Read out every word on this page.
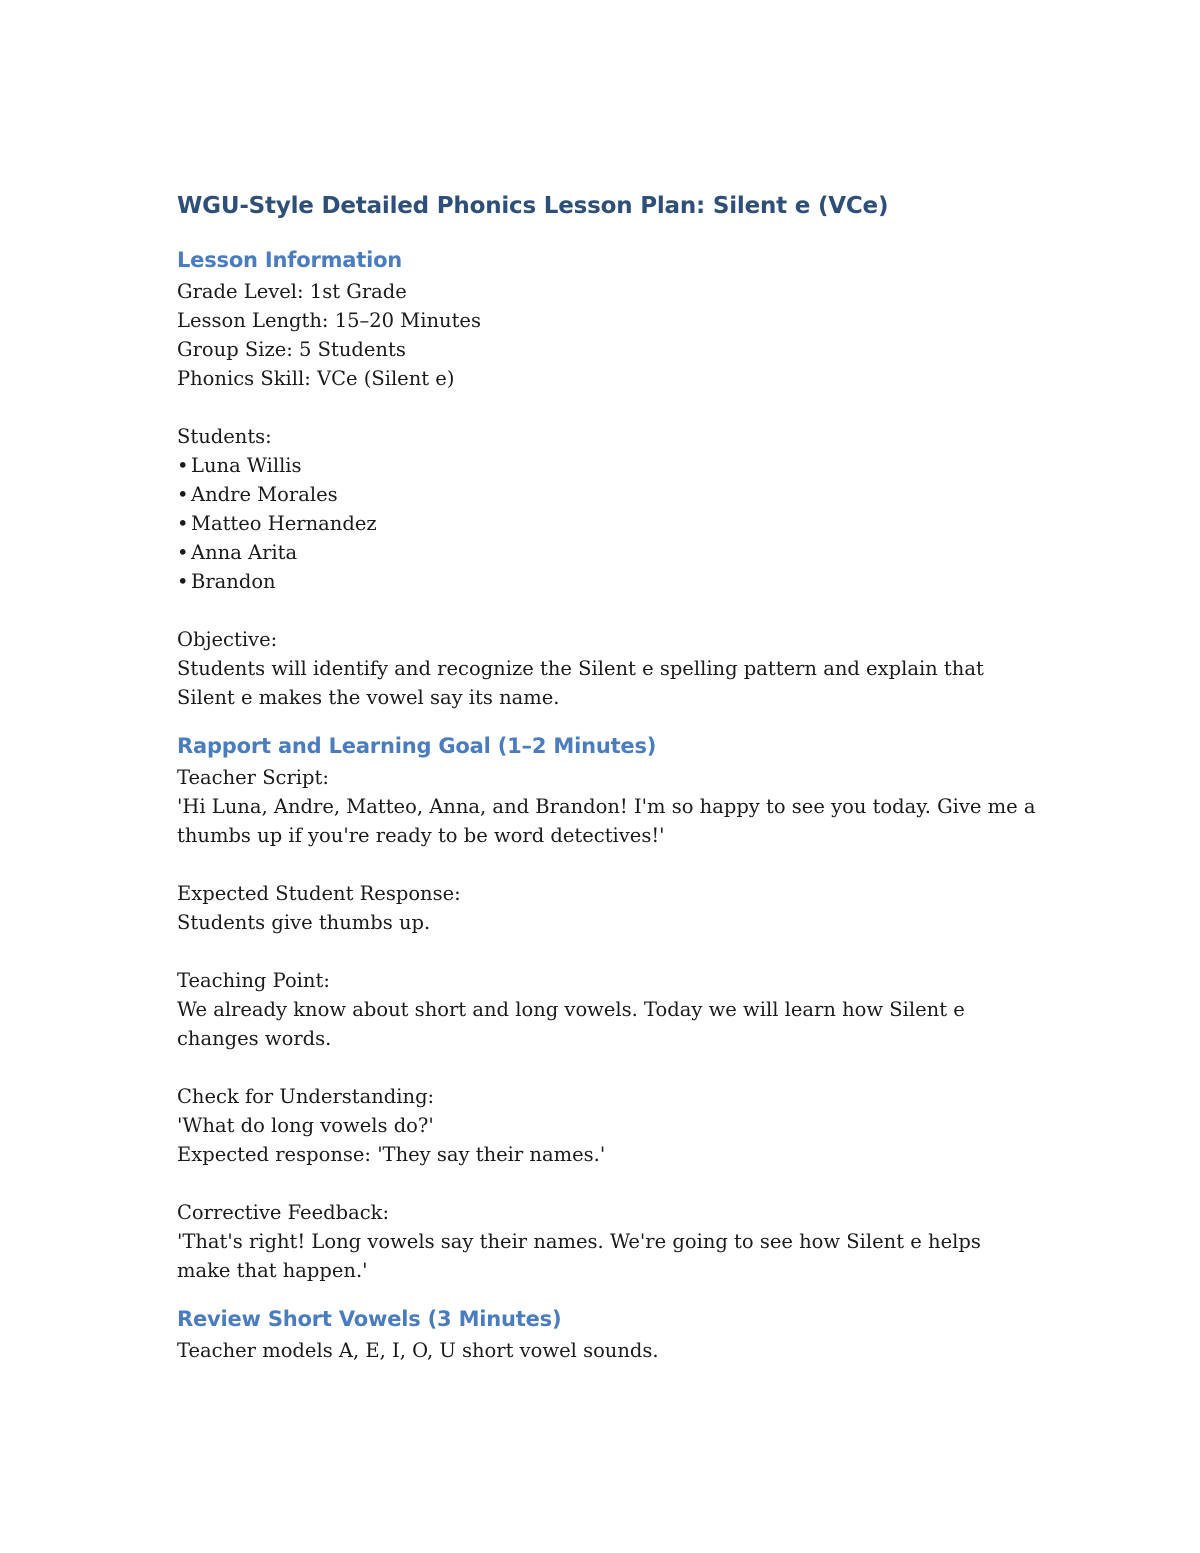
WGU-Style Detailed Phonics Lesson Plan: Silent e (VCe)
Lesson Information

Grade Level: 1st Grade

Lesson Length: 15–20 Minutes

Group Size: 5 Students

Phonics Skill: VCe (Silent e)

Students:

• Luna Willis
• Andre Morales
• Matteo Hernandez
• Anna Arita
• Brandon

Objective:

Students will identify and recognize the Silent e spelling pattern and explain that Silent e makes the vowel say its name.

Rapport and Learning Goal (1–2 Minutes)

Teacher Script:

'Hi Luna, Andre, Matteo, Anna, and Brandon! I'm so happy to see you today. Give me a thumbs up if you're ready to be word detectives!'

Expected Student Response:

Students give thumbs up.

Teaching Point:

We already know about short and long vowels. Today we will learn how Silent e changes words.

Check for Understanding:

'What do long vowels do?'

Expected response: 'They say their names.'

Corrective Feedback:

'That's right! Long vowels say their names. We're going to see how Silent e helps make that happen.'

Review Short Vowels (3 Minutes)

Teacher models A, E, I, O, U short vowel sounds.
